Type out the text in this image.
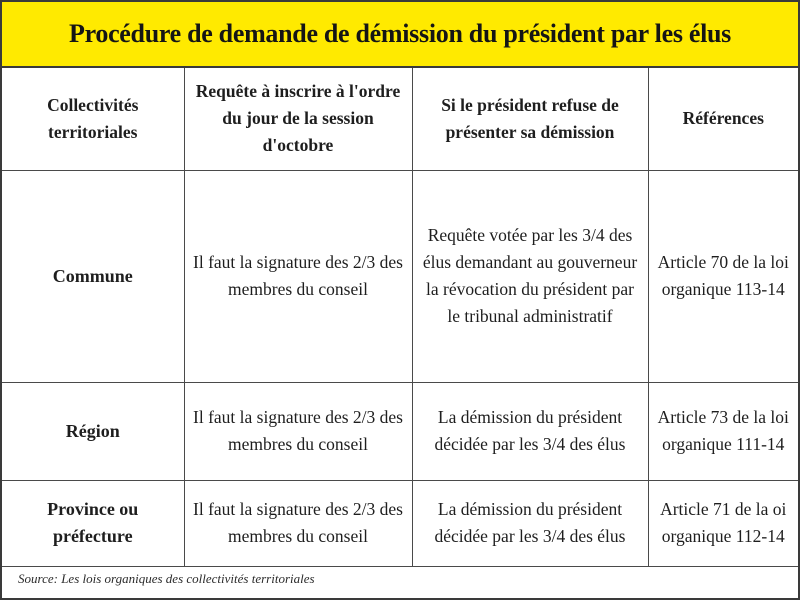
Procédure de demande de démission du président par les élus
Collectivités territoriales	Requête à inscrire à l'ordre du jour de la session d'octobre	Si le président refuse de présenter sa démission	Références
Commune	Il faut la signature des 2/3 des membres du conseil	Requête votée par les 3/4 des élus demandant au gouverneur la révocation du président par le tribunal administratif	Article 70 de la loi organique 113-14
Région	Il faut la signature des 2/3 des membres du conseil	La démission du président décidée par les 3/4 des élus	Article 73 de la loi organique 111-14
Province ou préfecture	Il faut la signature des 2/3 des membres du conseil	La démission du président décidée par les 3/4 des élus	Article 71 de la oi organique 112-14
Source: Les lois organiques des collectivités territoriales
